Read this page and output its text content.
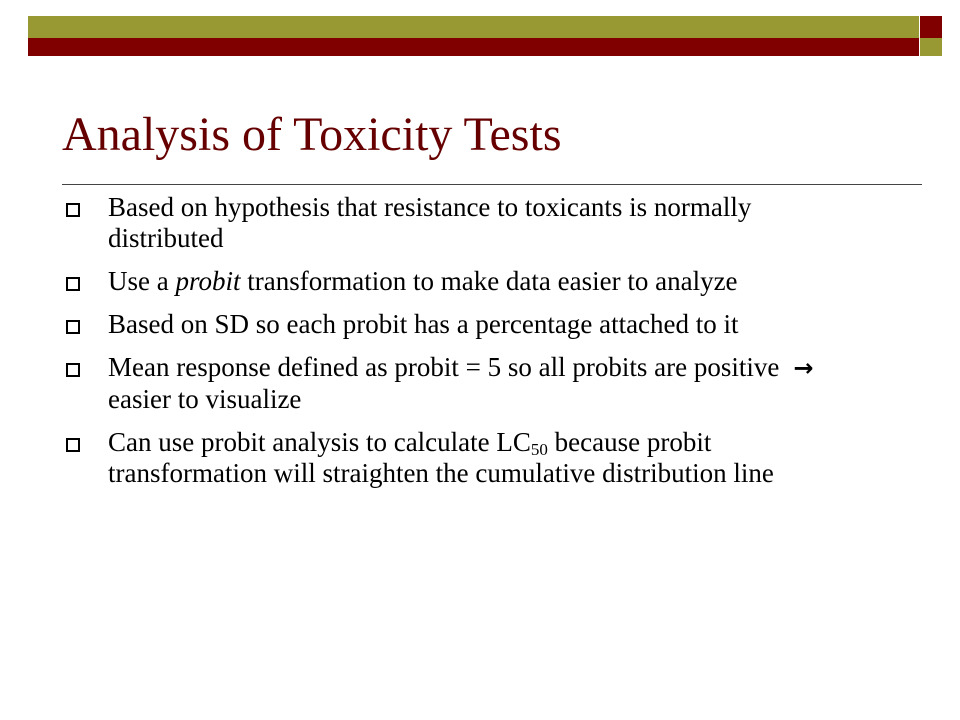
Analysis of Toxicity Tests
Based on hypothesis that resistance to toxicants is normally distributed
Use a probit transformation to make data easier to analyze
Based on SD so each probit has a percentage attached to it
Mean response defined as probit = 5 so all probits are positive →easier to visualize
Can use probit analysis to calculate $LC_{50}$ because probit transformation will straighten the cumulative distribution line
